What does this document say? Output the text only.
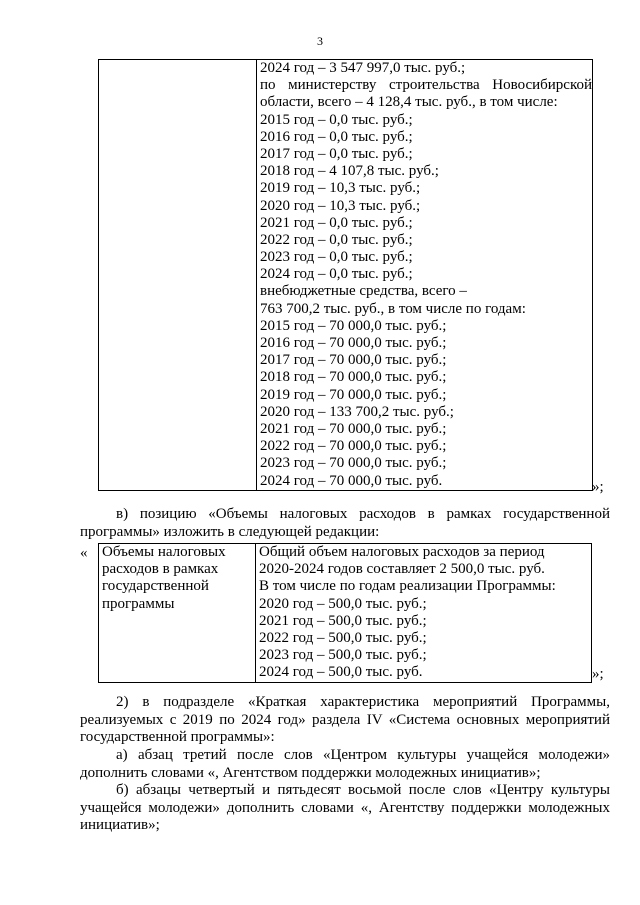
3

2024 год – 3 547 997,0 тыс. руб.;
по министерству строительства Новосибирской
области, всего – 4 128,4 тыс. руб., в том числе:
2015 год – 0,0 тыс. руб.;
2016 год – 0,0 тыс. руб.;
2017 год – 0,0 тыс. руб.;
2018 год – 4 107,8 тыс. руб.;
2019 год – 10,3 тыс. руб.;
2020 год – 10,3 тыс. руб.;
2021 год – 0,0 тыс. руб.;
2022 год – 0,0 тыс. руб.;
2023 год – 0,0 тыс. руб.;
2024 год – 0,0 тыс. руб.;
внебюджетные средства, всего –
763 700,2 тыс. руб., в том числе по годам:
2015 год – 70 000,0 тыс. руб.;
2016 год – 70 000,0 тыс. руб.;
2017 год – 70 000,0 тыс. руб.;
2018 год – 70 000,0 тыс. руб.;
2019 год – 70 000,0 тыс. руб.;
2020 год – 133 700,2 тыс. руб.;
2021 год – 70 000,0 тыс. руб.;
2022 год – 70 000,0 тыс. руб.;
2023 год – 70 000,0 тыс. руб.;
2024 год – 70 000,0 тыс. руб.	»;
в) позицию «Объемы налоговых расходов в рамках государственной программы» изложить в следующей редакции:
« Объемы налоговых
расходов в рамках
государственной
программы

Общий объем налоговых расходов за период
2020-2024 годов составляет 2 500,0 тыс. руб.
В том числе по годам реализации Программы:
2020 год – 500,0 тыс. руб.;
2021 год – 500,0 тыс. руб.;
2022 год – 500,0 тыс. руб.;
2023 год – 500,0 тыс. руб.;
2024 год – 500,0 тыс. руб.	»;
2) в подразделе «Краткая характеристика мероприятий Программы, реализуемых с 2019 по 2024 год» раздела IV «Система основных мероприятий государственной программы»:
а) абзац третий после слов «Центром культуры учащейся молодежи» дополнить словами «, Агентством поддержки молодежных инициатив»;
б) абзацы четвертый и пятьдесят восьмой после слов «Центру культуры учащейся молодежи» дополнить словами «, Агентству поддержки молодежных инициатив»;
